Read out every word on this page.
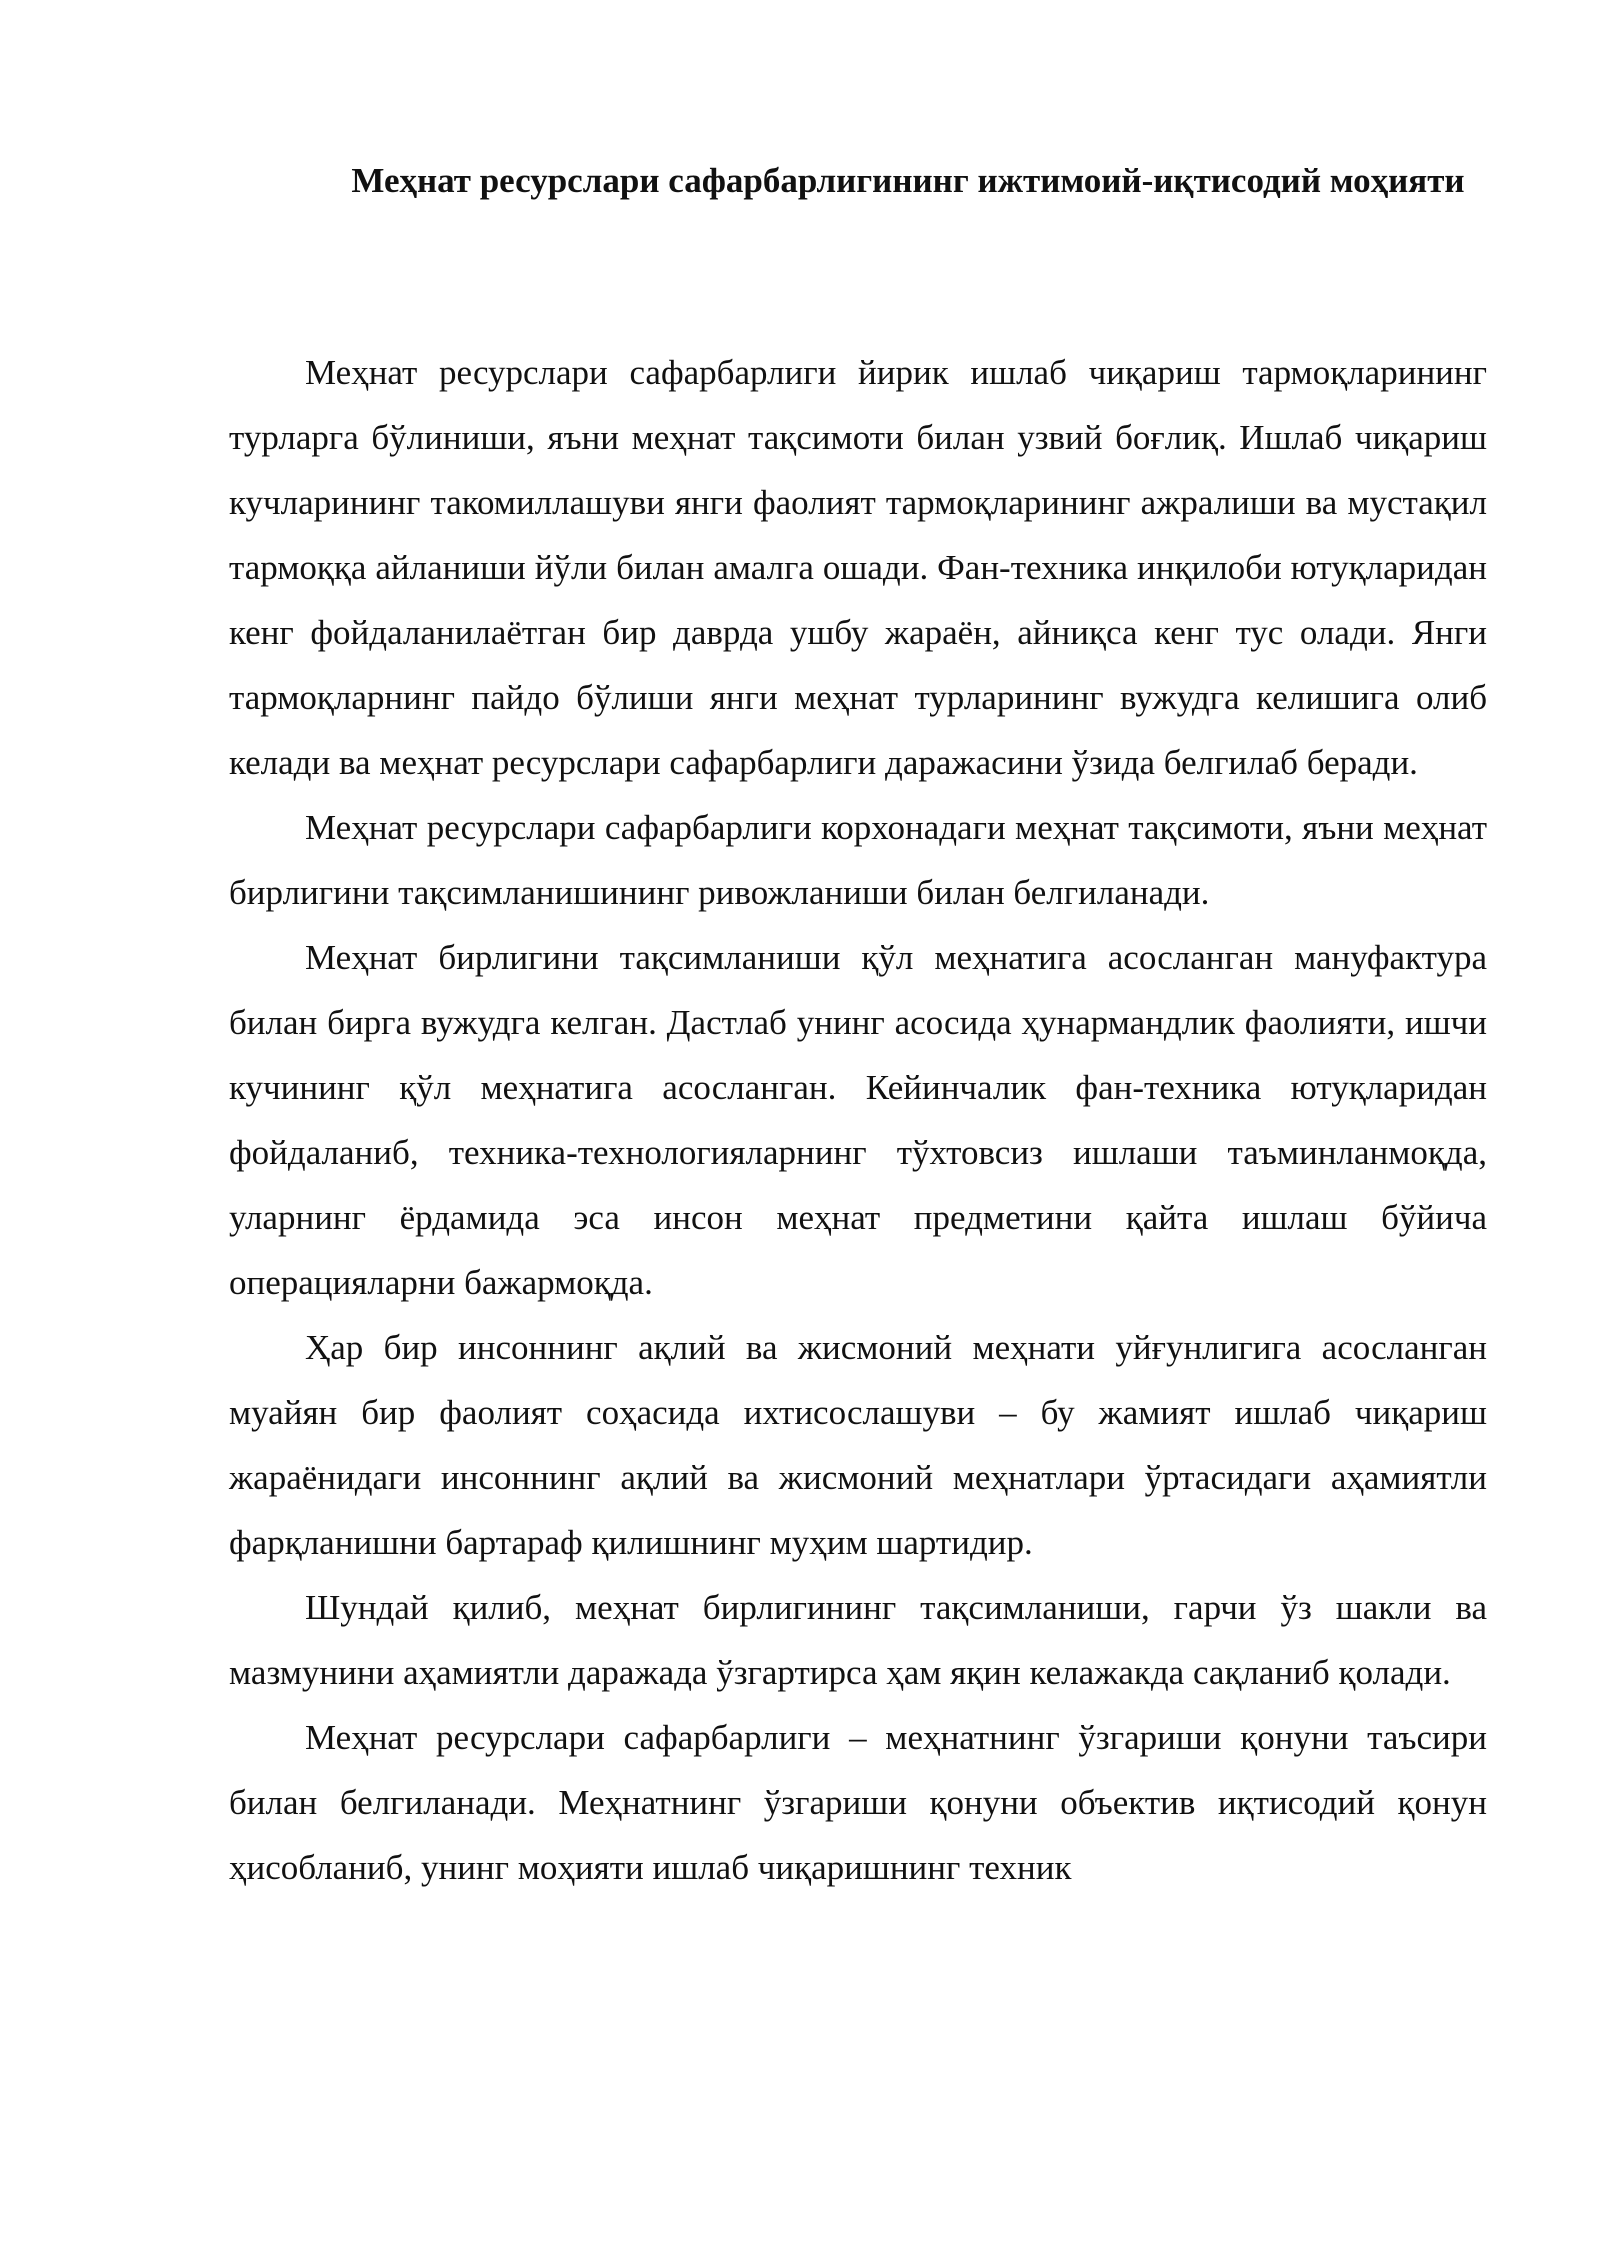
Меҳнат ресурслари сафарбарлигининг ижтимоий-иқтисодий моҳияти

Меҳнат ресурслари сафарбарлиги йирик ишлаб чиқариш тармоқларининг турларга бўлиниши, яъни меҳнат тақсимоти билан узвий боғлиқ. Ишлаб чиқариш кучларининг такомиллашуви янги фаолият тармоқларининг ажралиши ва мустақил тармоққа айланиши йўли билан амалга ошади. Фан-техника инқилоби ютуқларидан кенг фойдаланилаётган бир даврда ушбу жараён, айниқса кенг тус олади. Янги тармоқларнинг пайдо бўлиши янги меҳнат турларининг вужудга келишига олиб келади ва меҳнат ресурслари сафарбарлиги даражасини ўзида белгилаб беради.

Меҳнат ресурслари сафарбарлиги корхонадаги меҳнат тақсимоти, яъни меҳнат бирлигини тақсимланишининг ривожланиши билан белгиланади.

Меҳнат бирлигини тақсимланиши қўл меҳнатига асосланган мануфактура билан бирга вужудга келган. Дастлаб унинг асосида ҳунармандлик фаолияти, ишчи кучининг қўл меҳнатига асосланган. Кейинчалик фан-техника ютуқларидан фойдаланиб, техника-технологияларнинг тўхтовсиз ишлаши таъминланмоқда, уларнинг ёрдамида эса инсон меҳнат предметини қайта ишлаш бўйича операцияларни бажармоқда.

Ҳар бир инсоннинг ақлий ва жисмоний меҳнати уйғунлигига асосланган муайян бир фаолият соҳасида ихтисослашуви – бу жамият ишлаб чиқариш жараёнидаги инсоннинг ақлий ва жисмоний меҳнатлари ўртасидаги аҳамиятли фарқланишни бартараф қилишнинг муҳим шартидир.

Шундай қилиб, меҳнат бирлигининг тақсимланиши, гарчи ўз шакли ва мазмунини аҳамиятли даражада ўзгартирса ҳам яқин келажакда сақланиб қолади.

Меҳнат ресурслари сафарбарлиги – меҳнатнинг ўзгариши қонуни таъсири билан белгиланади. Меҳнатнинг ўзгариши қонуни объектив иқтисодий қонун ҳисобланиб, унинг моҳияти ишлаб чиқаришнинг техник
